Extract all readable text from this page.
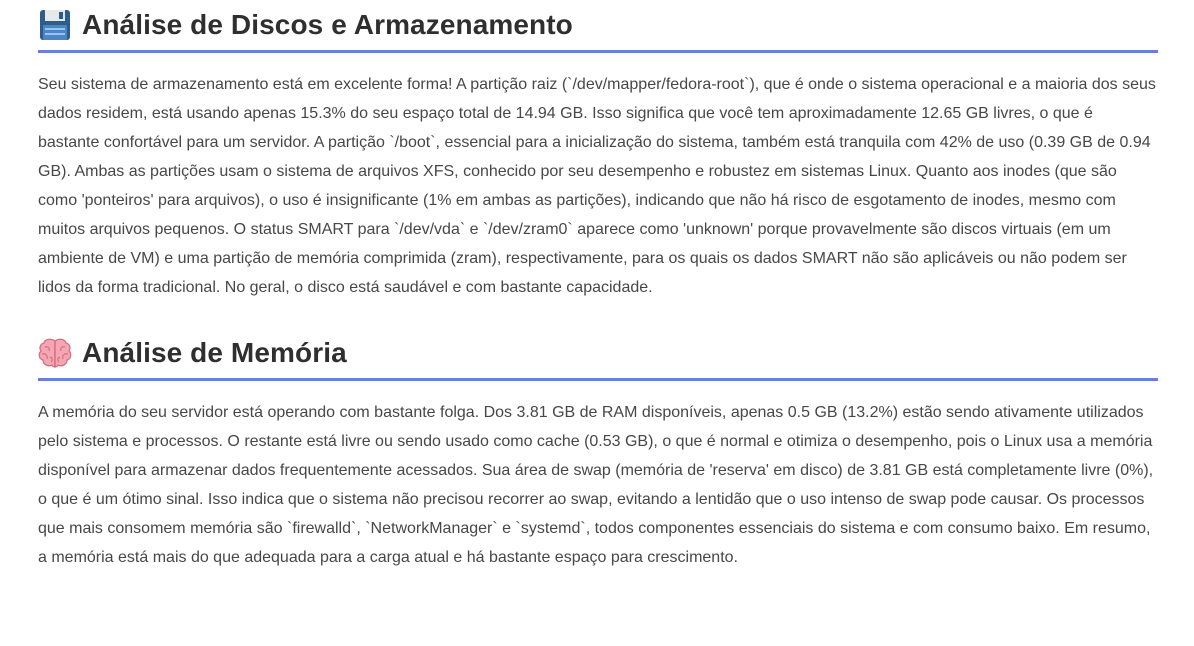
Análise de Discos e Armazenamento

Seu sistema de armazenamento está em excelente forma! A partição raiz (`/dev/mapper/fedora-root`), que é onde o sistema operacional e a maioria dos seus dados residem, está usando apenas 15.3% do seu espaço total de 14.94 GB. Isso significa que você tem aproximadamente 12.65 GB livres, o que é bastante confortável para um servidor. A partição `/boot`, essencial para a inicialização do sistema, também está tranquila com 42% de uso (0.39 GB de 0.94 GB). Ambas as partições usam o sistema de arquivos XFS, conhecido por seu desempenho e robustez em sistemas Linux. Quanto aos inodes (que são como 'ponteiros' para arquivos), o uso é insignificante (1% em ambas as partições), indicando que não há risco de esgotamento de inodes, mesmo com muitos arquivos pequenos. O status SMART para `/dev/vda` e `/dev/zram0` aparece como 'unknown' porque provavelmente são discos virtuais (em um ambiente de VM) e uma partição de memória comprimida (zram), respectivamente, para os quais os dados SMART não são aplicáveis ou não podem ser lidos da forma tradicional. No geral, o disco está saudável e com bastante capacidade.

Análise de Memória

A memória do seu servidor está operando com bastante folga. Dos 3.81 GB de RAM disponíveis, apenas 0.5 GB (13.2%) estão sendo ativamente utilizados pelo sistema e processos. O restante está livre ou sendo usado como cache (0.53 GB), o que é normal e otimiza o desempenho, pois o Linux usa a memória disponível para armazenar dados frequentemente acessados. Sua área de swap (memória de 'reserva' em disco) de 3.81 GB está completamente livre (0%), o que é um ótimo sinal. Isso indica que o sistema não precisou recorrer ao swap, evitando a lentidão que o uso intenso de swap pode causar. Os processos que mais consomem memória são `firewalld`, `NetworkManager` e `systemd`, todos componentes essenciais do sistema e com consumo baixo. Em resumo, a memória está mais do que adequada para a carga atual e há bastante espaço para crescimento.
